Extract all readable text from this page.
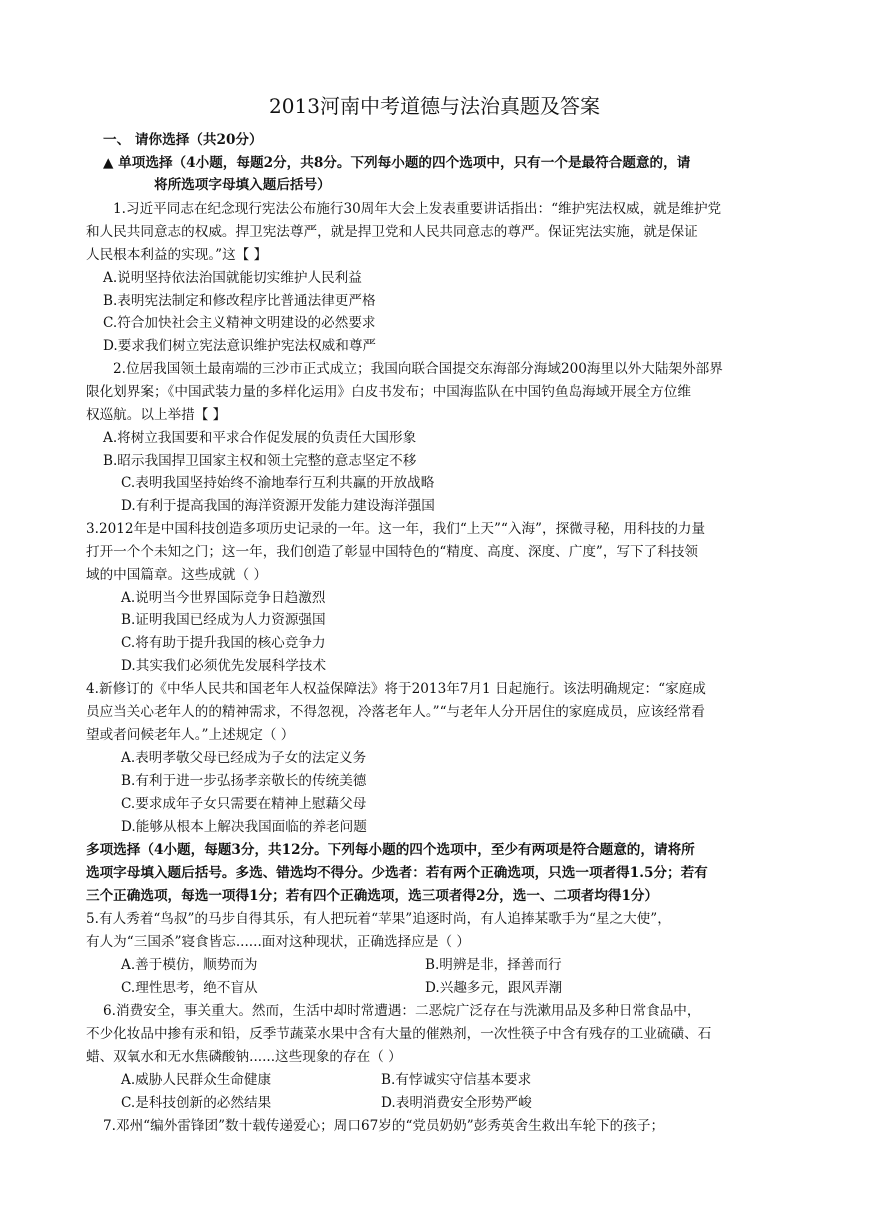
2013河南中考道德与法治真题及答案
一、 请你选择（共20分）
▲ 单项选择（4小题，每题2分，共8分。下列每小题的四个选项中，只有一个是最符合题意的，请
将所选项字母填入题后括号）
1.习近平同志在纪念现行宪法公布施行30周年大会上发表重要讲话指出：“维护宪法权威，就是维护党
和人民共同意志的权威。捍卫宪法尊严，就是捍卫党和人民共同意志的尊严。保证宪法实施，就是保证
人民根本利益的实现。”这【 】
A.说明坚持依法治国就能切实维护人民利益
B.表明宪法制定和修改程序比普通法律更严格
C.符合加快社会主义精神文明建设的必然要求
D.要求我们树立宪法意识维护宪法权威和尊严
2.位居我国领土最南端的三沙市正式成立；我国向联合国提交东海部分海域200海里以外大陆架外部界
限化划界案；《中国武装力量的多样化运用》白皮书发布；中国海监队在中国钓鱼岛海域开展全方位维
权巡航。以上举措【 】
A.将树立我国要和平求合作促发展的负责任大国形象
B.昭示我国捍卫国家主权和领土完整的意志坚定不移
C.表明我国坚持始终不渝地奉行互利共赢的开放战略
D.有利于提高我国的海洋资源开发能力建设海洋强国
3.2012年是中国科技创造多项历史记录的一年。这一年，我们“上天”“入海”，探微寻秘，用科技的力量
打开一个个未知之门；这一年，我们创造了彰显中国特色的“精度、高度、深度、广度”，写下了科技领
域的中国篇章。这些成就（ ）
A.说明当今世界国际竞争日趋激烈
B.证明我国已经成为人力资源强国
C.将有助于提升我国的核心竞争力
D.其实我们必须优先发展科学技术
4.新修订的《中华人民共和国老年人权益保障法》将于2013年7月1 日起施行。该法明确规定：“家庭成
员应当关心老年人的的精神需求，不得忽视，冷落老年人。”“与老年人分开居住的家庭成员，应该经常看
望或者问候老年人。”上述规定（ ）
A.表明孝敬父母已经成为子女的法定义务
B.有利于进一步弘扬孝亲敬长的传统美德
C.要求成年子女只需要在精神上慰藉父母
D.能够从根本上解决我国面临的养老问题
多项选择（4小题，每题3分，共12分。下列每小题的四个选项中，至少有两项是符合题意的，请将所
选项字母填入题后括号。多选、错选均不得分。少选者：若有两个正确选项，只选一项者得1.5分；若有
三个正确选项，每选一项得1分；若有四个正确选项，选三项者得2分，选一、二项者均得1分）
5.有人秀着“鸟叔”的马步自得其乐，有人把玩着“苹果”追逐时尚，有人追捧某歌手为“星之大使”，
有人为“三国杀”寝食皆忘......面对这种现状，正确选择应是（ ）
A.善于模仿，顺势而为	B.明辨是非，择善而行
C.理性思考，绝不盲从	D.兴趣多元，跟风弄潮
6.消费安全，事关重大。然而，生活中却时常遭遇：二恶烷广泛存在与洗漱用品及多种日常食品中，
不少化妆品中掺有汞和铅，反季节蔬菜水果中含有大量的催熟剂，一次性筷子中含有残存的工业硫磺、石
蜡、双氧水和无水焦磷酸钠......这些现象的存在（ ）
A.威胁人民群众生命健康	B.有悖诚实守信基本要求
C.是科技创新的必然结果	D.表明消费安全形势严峻
7.邓州“编外雷锋团”数十载传递爱心；周口67岁的“党员奶奶”彭秀英舍生救出车轮下的孩子；
